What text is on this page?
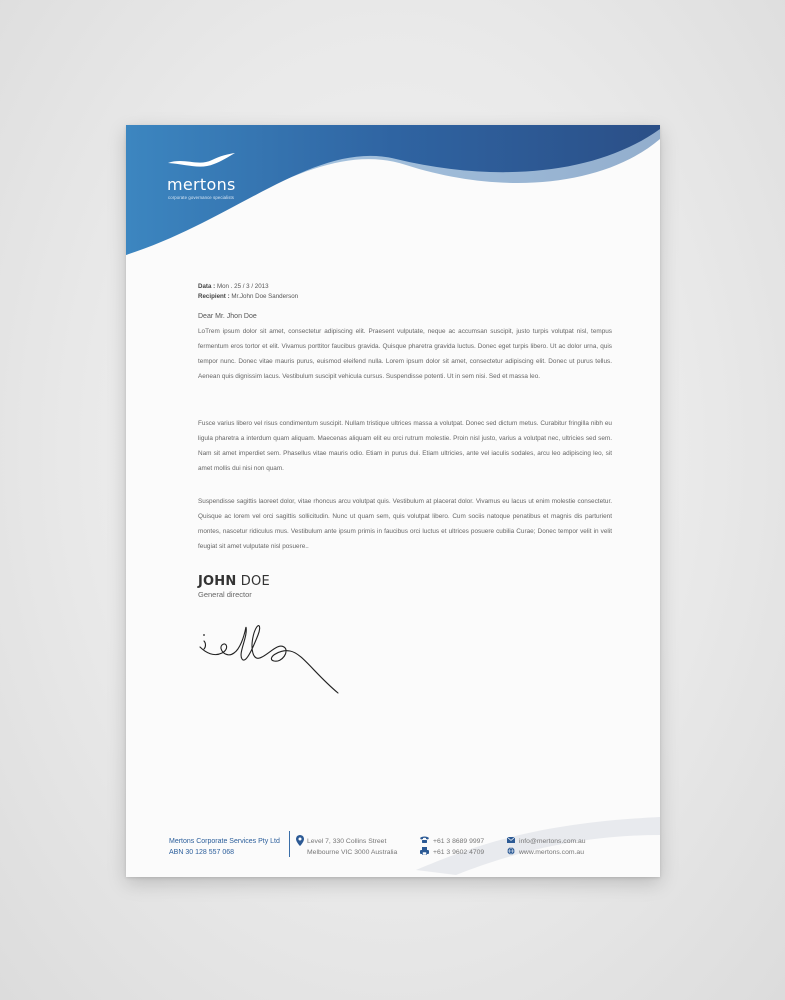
mertons
corporate governance specialists
Data : Mon . 25 / 3 / 2013
Recipient : Mr.John Doe Sanderson
Dear Mr. Jhon Doe

LoTrem ipsum dolor sit amet, consectetur adipiscing elit. Praesent vulputate, neque ac accumsan suscipit, justo turpis volutpat nisl, tempus fermentum eros tortor et elit. Vivamus porttitor faucibus gravida. Quisque pharetra gravida luctus. Donec eget turpis libero. Ut ac dolor urna, quis tempor nunc. Donec vitae mauris purus, euismod eleifend nulla. Lorem ipsum dolor sit amet, consectetur adipiscing elit. Donec ut purus tellus. Aenean quis dignissim lacus. Vestibulum suscipit vehicula cursus. Suspendisse potenti. Ut in sem nisi. Sed et massa leo.

Fusce varius libero vel risus condimentum suscipit. Nullam tristique ultrices massa a volutpat. Donec sed dictum metus. Curabitur fringilla nibh eu ligula pharetra a interdum quam aliquam. Maecenas aliquam elit eu orci rutrum molestie. Proin nisl justo, varius a volutpat nec, ultricies sed sem. Nam sit amet imperdiet sem. Phasellus vitae mauris odio. Etiam in purus dui. Etiam ultricies, ante vel iaculis sodales, arcu leo adipiscing leo, sit amet mollis dui nisi non quam.

Suspendisse sagittis laoreet dolor, vitae rhoncus arcu volutpat quis. Vestibulum at placerat dolor. Vivamus eu lacus ut enim molestie consectetur. Quisque ac lorem vel orci sagittis sollicitudin. Nunc ut quam sem, quis volutpat libero. Cum sociis natoque penatibus et magnis dis parturient montes, nascetur ridiculus mus. Vestibulum ante ipsum primis in faucibus orci luctus et ultrices posuere cubilia Curae; Donec tempor velit in velit feugiat sit amet vulputate nisl posuere..

JOHN DOE
General director
Mertons Corporate Services Pty Ltd
ABN 30 128 557 068
Level 7, 330 Collins Street
Melbourne VIC 3000 Australia
+61 3 8689 9997
+61 3 9602 4709
info@mertons.com.au
www.mertons.com.au
